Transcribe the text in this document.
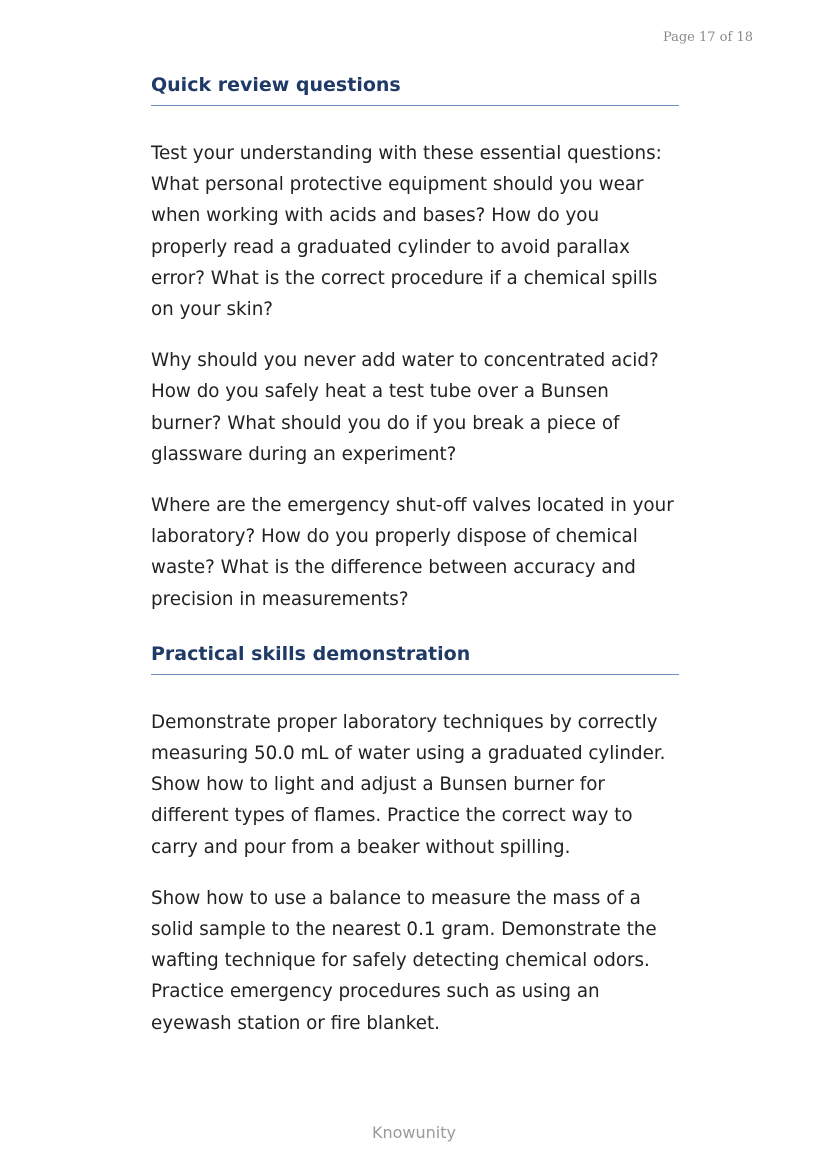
Page 17 of 18
Quick review questions

Test your understanding with these essential questions: What personal protective equipment should you wear when working with acids and bases? How do you properly read a graduated cylinder to avoid parallax error? What is the correct procedure if a chemical spills on your skin?

Why should you never add water to concentrated acid? How do you safely heat a test tube over a Bunsen burner? What should you do if you break a piece of glassware during an experiment?

Where are the emergency shut-off valves located in your laboratory? How do you properly dispose of chemical waste? What is the difference between accuracy and precision in measurements?

Practical skills demonstration

Demonstrate proper laboratory techniques by correctly measuring 50.0 mL of water using a graduated cylinder. Show how to light and adjust a Bunsen burner for different types of flames. Practice the correct way to carry and pour from a beaker without spilling.

Show how to use a balance to measure the mass of a solid sample to the nearest 0.1 gram. Demonstrate the wafting technique for safely detecting chemical odors. Practice emergency procedures such as using an eyewash station or fire blanket.

Knowunity
